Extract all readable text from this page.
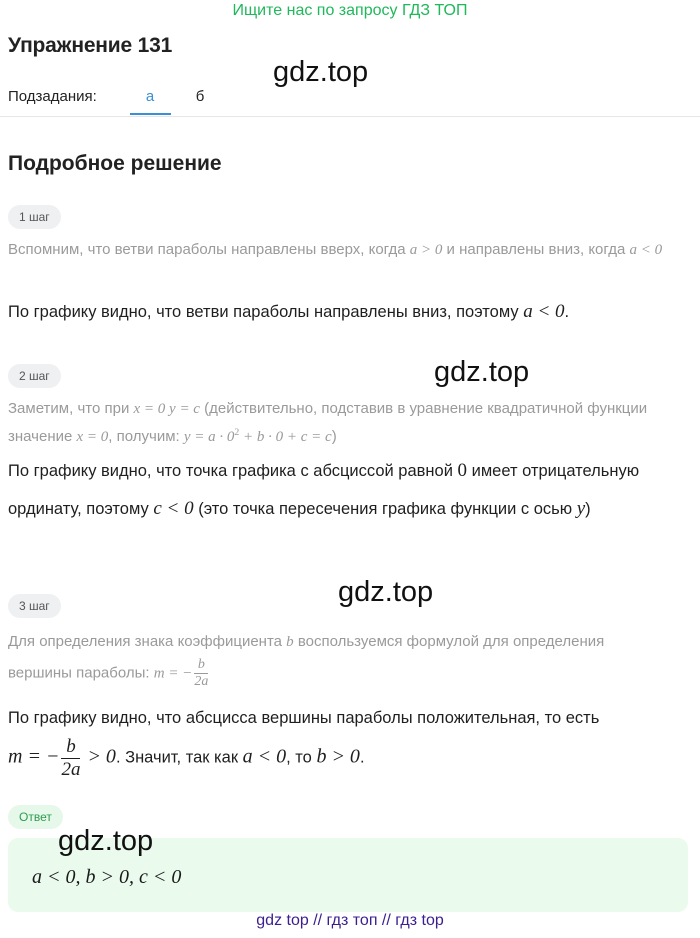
Ищите нас по запросу ГДЗ ТОП
Упражнение 131
gdz.top
Подзадания:	а	б
Подробное решение
1 шаг
Вспомним, что ветви параболы направлены вверх, когда a > 0 и направлены вниз, когда a < 0
По графику видно, что ветви параболы направлены вниз, поэтому a < 0.
gdz.top
2 шаг
Заметим, что при x = 0 y = c (действительно, подставив в уравнение квадратичной функции значение x = 0, получим: $y = a \cdot 0^2 + b \cdot 0 + c = c$)
По графику видно, что точка графика с абсциссой равной 0 имеет отрицательную ординату, поэтому c < 0 (это точка пересечения графика функции с осью y)
gdz.top
3 шаг
Для определения знака коэффициента b воспользуемся формулой для определения вершины параболы: m = − $\frac{b}{2a}$
По графику видно, что абсцисса вершины параболы положительная, то есть
m = − $\frac{b}{2a} > 0$. Значит, так как a < 0, то b > 0.
Ответ
gdz.top
a < 0, b > 0, c < 0
gdz top // гдз топ // гдз top
